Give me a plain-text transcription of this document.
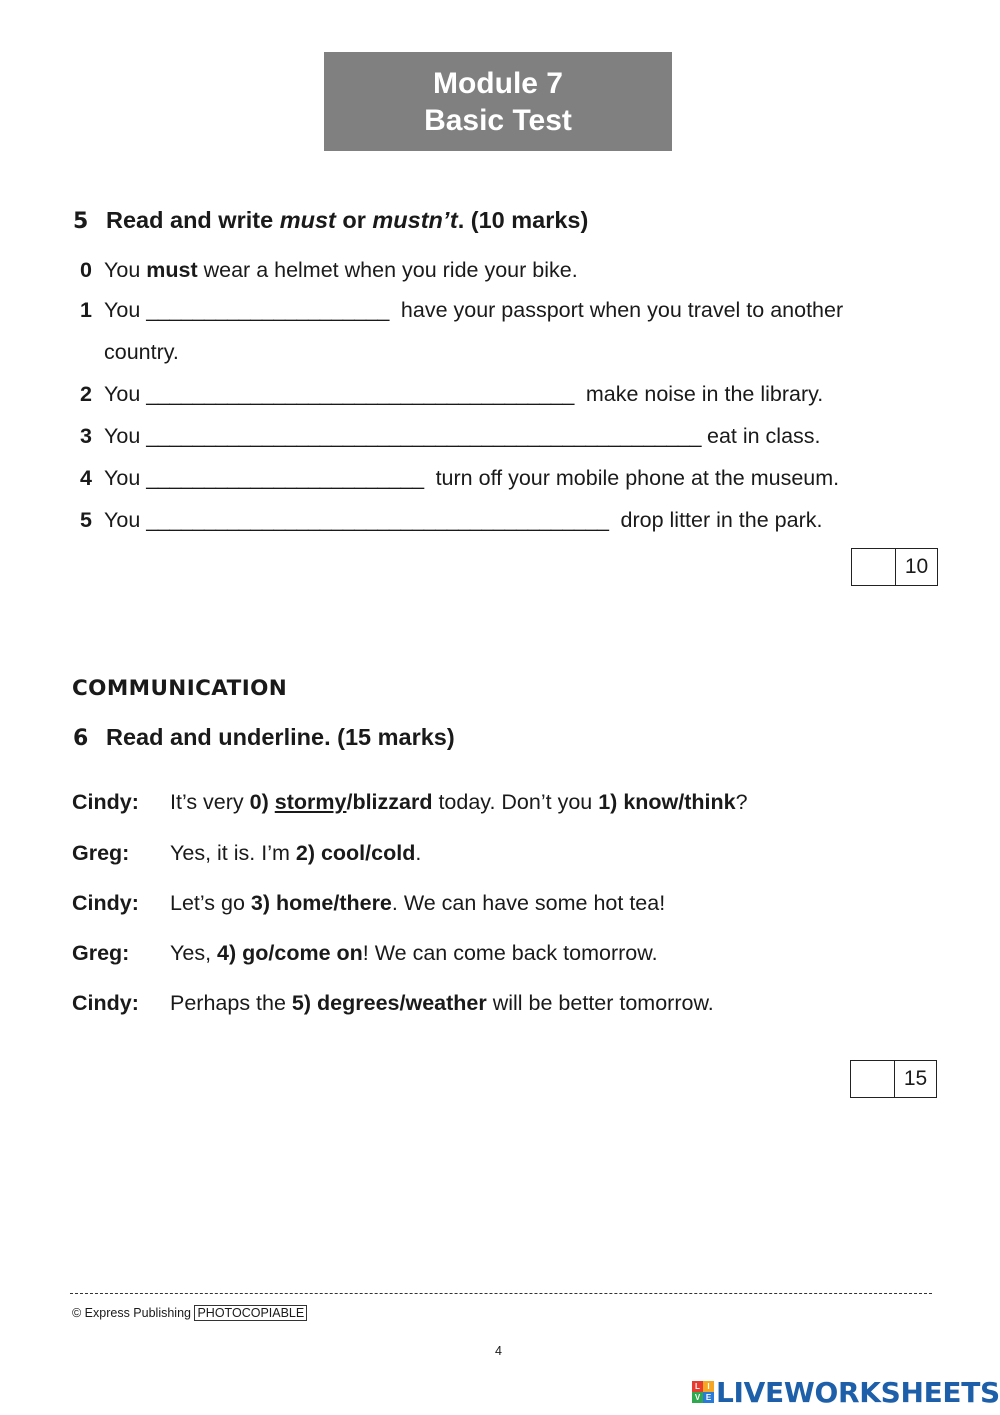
Module 7
Basic Test
5 Read and write must or mustn’t. (10 marks)
0 You must wear a helmet when you ride your bike.
1 You _____________________  have your passport when you travel to another
country.
2 You _____________________________________  make noise in the library.
3 You ________________________________________________ eat in class.
4 You ________________________  turn off your mobile phone at the museum.
5 You ________________________________________  drop litter in the park.
10
COMMUNICATION
6 Read and underline. (15 marks)
Cindy: It’s very 0) stormy/blizzard today. Don’t you 1) know/think?
Greg: Yes, it is. I’m 2) cool/cold.
Cindy: Let’s go 3) home/there. We can have some hot tea!
Greg: Yes, 4) go/come on! We can come back tomorrow.
Cindy: Perhaps the 5) degrees/weather will be better tomorrow.
15
© Express Publishing PHOTOCOPIABLE
4
L I
V E LIVEWORKSHEETS
